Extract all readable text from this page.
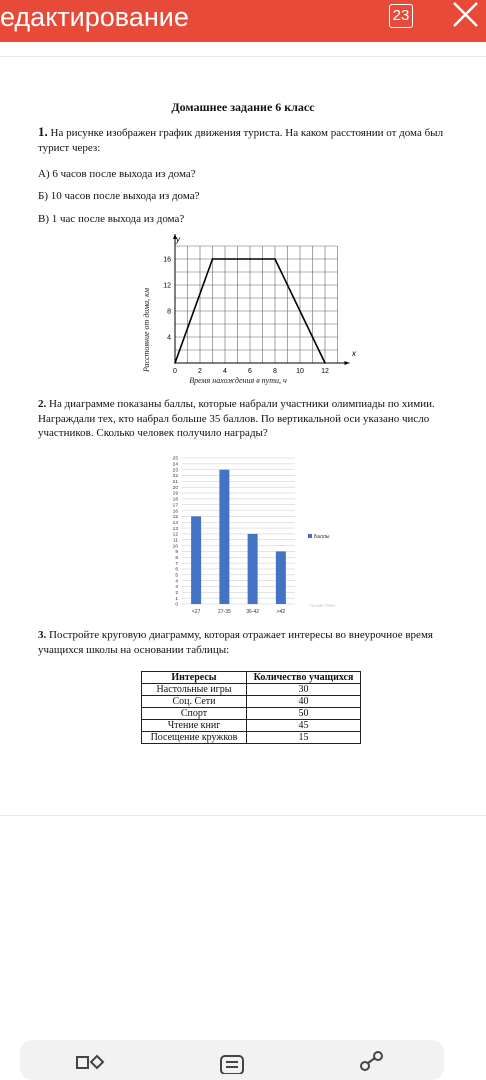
едактирование	23
Домашнее задание 6 класс
1. На рисунке изображен график движения туриста. На каком расстоянии от дома был турист через:
А) 6 часов после выхода из дома?
Б) 10 часов после выхода из дома?
В) 1 час после выхода из дома?
0	2	4	6	8	10 12
4
8
12
16
Расстояние от дома, км
Время нахождения в пути, ч
x
y
2. На диаграмме показаны баллы, которые набрали участники олимпиады по химии. Награждали тех, кто набрал больше 35 баллов. По вертикальной оси указано число участников. Сколько человек получило награды?
0
1
2
3
4
5
6
7
8
9
10
11
12
13
14
15
16
17
18
19
20
21
22
23
24
25
<27	27-35	36-42	>42
Баллы
ГЕОМЕТРИЯ
3. Постройте круговую диаграмму, которая отражает интересы во внеурочное время учащихся школы на основании таблицы:
Интересы	Количество учащихся
Настольные игры	30
Соц. Сети	40
Спорт	50
Чтение книг	45
Посещение кружков	15
